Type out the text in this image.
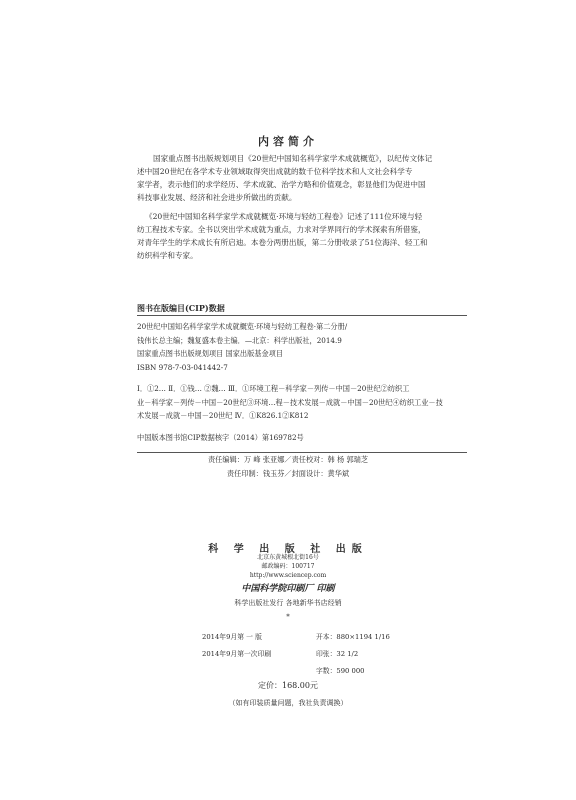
内容简介
国家重点图书出版规划项目《20世纪中国知名科学家学术成就概览》，以纪传文体记
述中国20世纪在各学术专业领域取得突出成就的数千位科学技术和人文社会科学专
家学者，表示他们的求学经历、学术成就、治学方略和价值观念，彰显他们为促进中国
科技事业发展、经济和社会进步所做出的贡献。
《20世纪中国知名科学家学术成就概览·环境与轻纺工程卷》记述了111位环境与轻
纺工程技术专家。全书以突出学术成就为重点，力求对学界同行的学术探索有所借鉴，
对青年学生的学术成长有所启迪。本卷分两册出版，第二分册收录了51位海洋、轻工和
纺织科学和专家。
图书在版编目(CIP)数据
20世纪中国知名科学家学术成就概览·环境与轻纺工程卷·第二分册/
钱伟长总主编；魏复盛本卷主编．—北京：科学出版社，2014.9
国家重点图书出版规划项目 国家出版基金项目
ISBN 978-7-03-041442-7
Ⅰ．①2… Ⅱ．①钱… ②魏… Ⅲ．①环境工程－科学家－列传－中国－20世纪②纺织工
业－科学家－列传－中国－20世纪③环境…程－技术发展－成就－中国－20世纪④纺织工业－技
术发展－成就－中国－20世纪 Ⅳ．①K826.1②K812
中国版本图书馆CIP数据核字（2014）第169782号
责任编辑：万 峰 张亚娜／责任校对：韩 杨 郭瑞芝
责任印制：钱玉芬／封面设计：黄华斌
科 学 出 版 社 出版
北京东黄城根北街16号
邮政编码：100717
http://www.sciencep.com
中国科学院印刷厂 印刷
科学出版社发行 各地新华书店经销
*
2014年9月第 一 版	开本：880×1194 1/16
2014年9月第一次印刷	印张：32 1/2
字数：590 000
定价：168.00元
（如有印装质量问题，我社负责调换）
